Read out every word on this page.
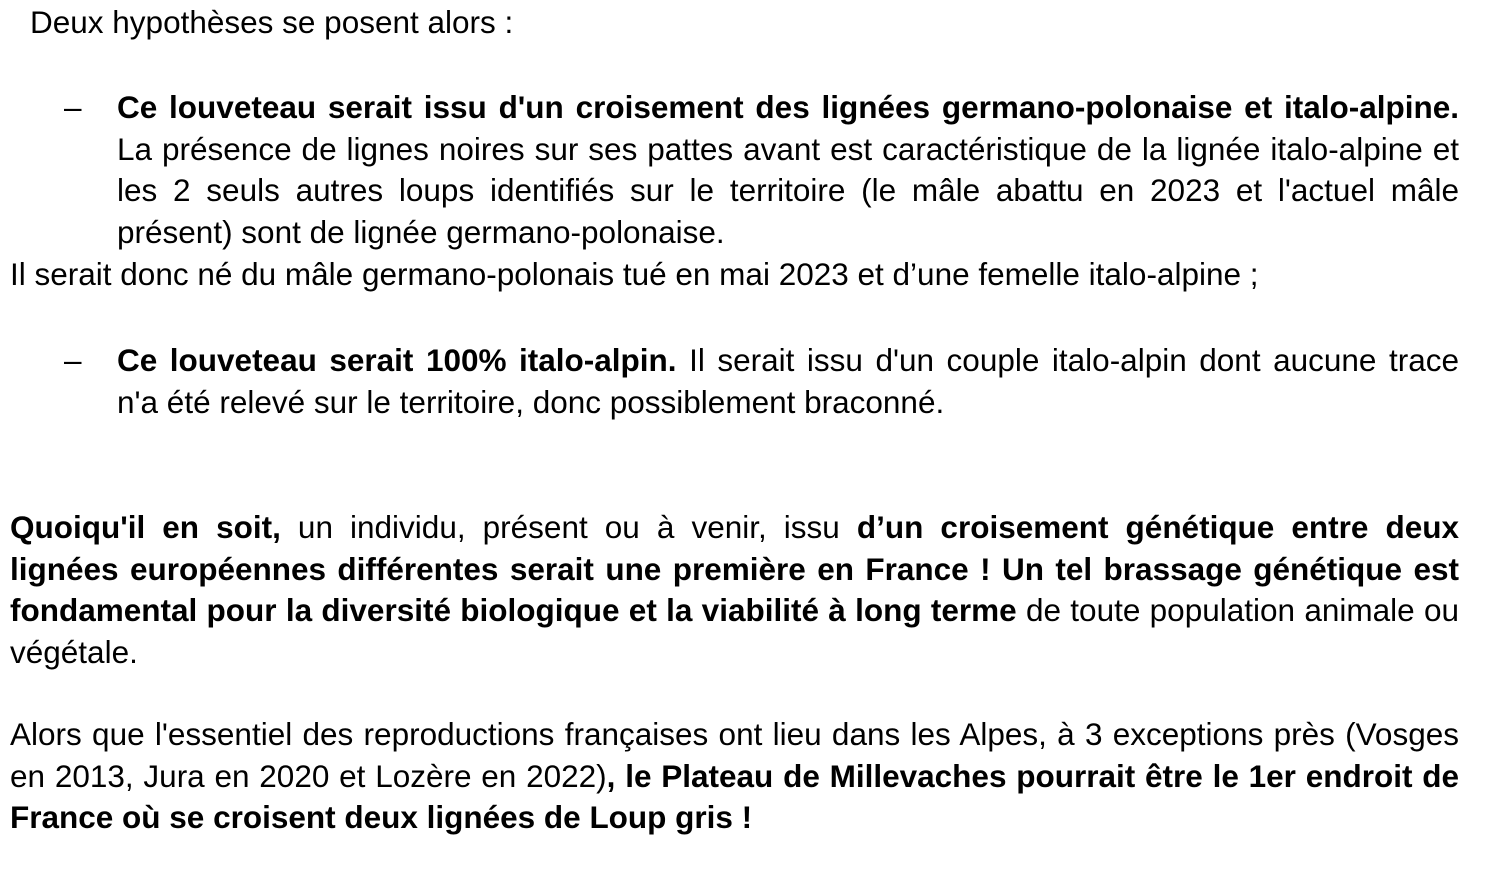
Deux hypothèses se posent alors :

– Ce louveteau serait issu d'un croisement des lignées germano-polonaise et italo-alpine. La présence de lignes noires sur ses pattes avant est caractéristique de la lignée italo-alpine et les 2 seuls autres loups identifiés sur le territoire (le mâle abattu en 2023 et l'actuel mâle présent) sont de lignée germano-polonaise.

Il serait donc né du mâle germano-polonais tué en mai 2023 et d’une femelle italo-alpine ;

– Ce louveteau serait 100% italo-alpin. Il serait issu d'un couple italo-alpin dont aucune trace n'a été relevé sur le territoire, donc possiblement braconné.

Quoiqu'il en soit, un individu, présent ou à venir, issu d’un croisement génétique entre deux lignées européennes différentes serait une première en France ! Un tel brassage génétique est fondamental pour la diversité biologique et la viabilité à long terme de toute population animale ou végétale.

Alors que l'essentiel des reproductions françaises ont lieu dans les Alpes, à 3 exceptions près (Vosges en 2013, Jura en 2020 et Lozère en 2022), le Plateau de Millevaches pourrait être le 1er endroit de France où se croisent deux lignées de Loup gris !
